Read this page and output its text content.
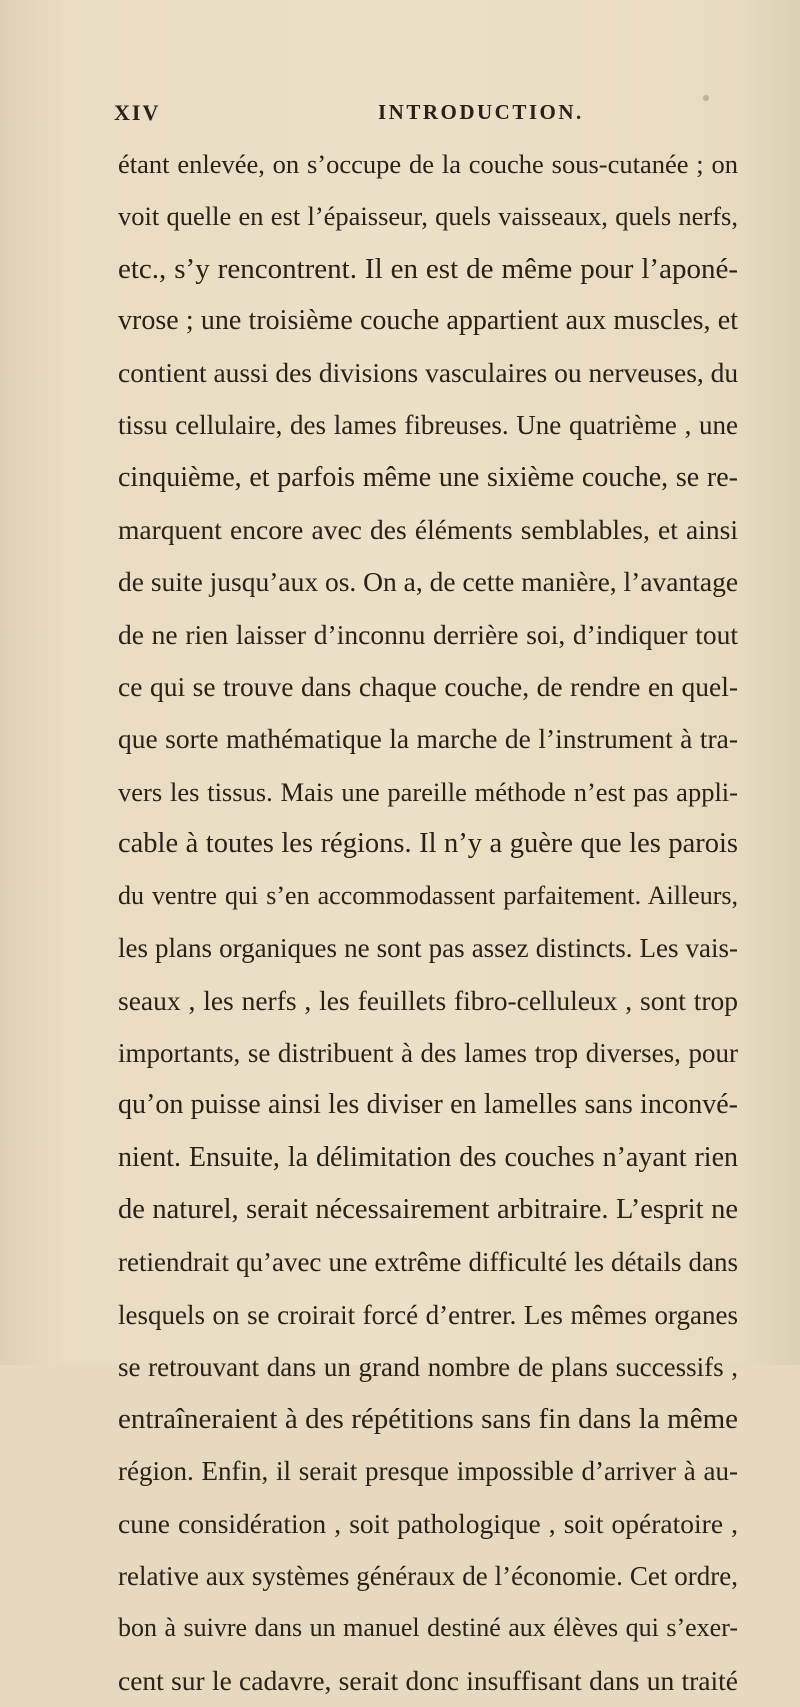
XIV	INTRODUCTION.
étant enlevée, on s’occupe de la couche sous-cutanée ; on
voit quelle en est l’épaisseur, quels vaisseaux, quels nerfs,
etc., s’y rencontrent. Il en est de même pour l’aponé-
vrose ; une troisième couche appartient aux muscles, et
contient aussi des divisions vasculaires ou nerveuses, du
tissu cellulaire, des lames fibreuses. Une quatrième , une
cinquième, et parfois même une sixième couche, se re-
marquent encore avec des éléments semblables, et ainsi
de suite jusqu’aux os. On a, de cette manière, l’avantage
de ne rien laisser d’inconnu derrière soi, d’indiquer tout
ce qui se trouve dans chaque couche, de rendre en quel-
que sorte mathématique la marche de l’instrument à tra-
vers les tissus. Mais une pareille méthode n’est pas appli-
cable à toutes les régions. Il n’y a guère que les parois
du ventre qui s’en accommodassent parfaitement. Ailleurs,
les plans organiques ne sont pas assez distincts. Les vais-
seaux , les nerfs , les feuillets fibro-celluleux , sont trop
importants, se distribuent à des lames trop diverses, pour
qu’on puisse ainsi les diviser en lamelles sans inconvé-
nient. Ensuite, la délimitation des couches n’ayant rien
de naturel, serait nécessairement arbitraire. L’esprit ne
retiendrait qu’avec une extrême difficulté les détails dans
lesquels on se croirait forcé d’entrer. Les mêmes organes
se retrouvant dans un grand nombre de plans successifs ,
entraîneraient à des répétitions sans fin dans la même
région. Enfin, il serait presque impossible d’arriver à au-
cune considération , soit pathologique , soit opératoire ,
relative aux systèmes généraux de l’économie. Cet ordre,
bon à suivre dans un manuel destiné aux élèves qui s’exer-
cent sur le cadavre, serait donc insuffisant dans un traité
